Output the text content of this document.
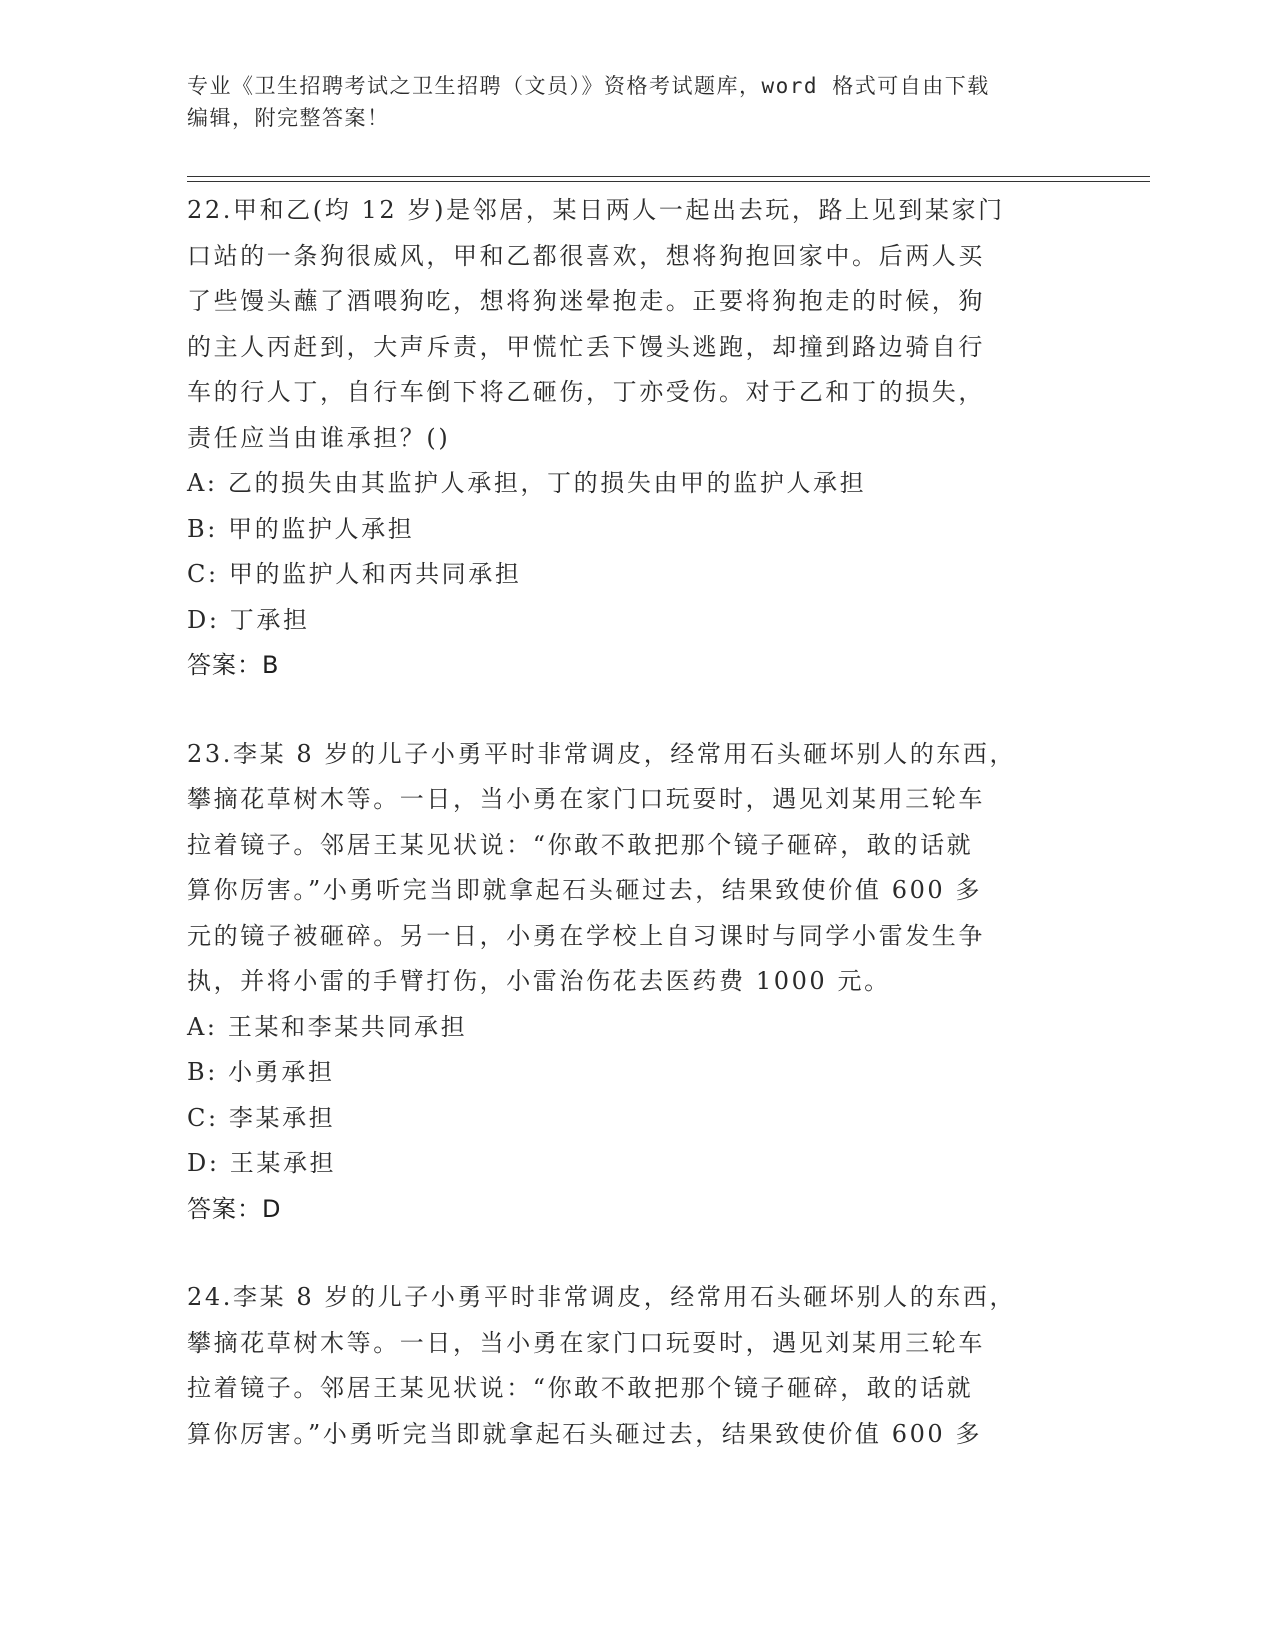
专业《卫生招聘考试之卫生招聘（文员）》资格考试题库，word 格式可自由下载
编辑，附完整答案！

22.甲和乙(均 12 岁)是邻居，某日两人一起出去玩，路上见到某家门

口站的一条狗很威风，甲和乙都很喜欢，想将狗抱回家中。后两人买

了些馒头蘸了酒喂狗吃，想将狗迷晕抱走。正要将狗抱走的时候，狗

的主人丙赶到，大声斥责，甲慌忙丢下馒头逃跑，却撞到路边骑自行

车的行人丁，自行车倒下将乙砸伤，丁亦受伤。对于乙和丁的损失，

责任应当由谁承担？()

A: 乙的损失由其监护人承担，丁的损失由甲的监护人承担

B: 甲的监护人承担

C: 甲的监护人和丙共同承担

D: 丁承担

答案：B

23.李某 8 岁的儿子小勇平时非常调皮，经常用石头砸坏别人的东西，

攀摘花草树木等。一日，当小勇在家门口玩耍时，遇见刘某用三轮车

拉着镜子。邻居王某见状说：“你敢不敢把那个镜子砸碎，敢的话就

算你厉害。”小勇听完当即就拿起石头砸过去，结果致使价值 600 多

元的镜子被砸碎。另一日，小勇在学校上自习课时与同学小雷发生争

执，并将小雷的手臂打伤，小雷治伤花去医药费 1000 元。

A: 王某和李某共同承担

B: 小勇承担

C: 李某承担

D: 王某承担

答案：D

24.李某 8 岁的儿子小勇平时非常调皮，经常用石头砸坏别人的东西，

攀摘花草树木等。一日，当小勇在家门口玩耍时，遇见刘某用三轮车

拉着镜子。邻居王某见状说：“你敢不敢把那个镜子砸碎，敢的话就

算你厉害。”小勇听完当即就拿起石头砸过去，结果致使价值 600 多
